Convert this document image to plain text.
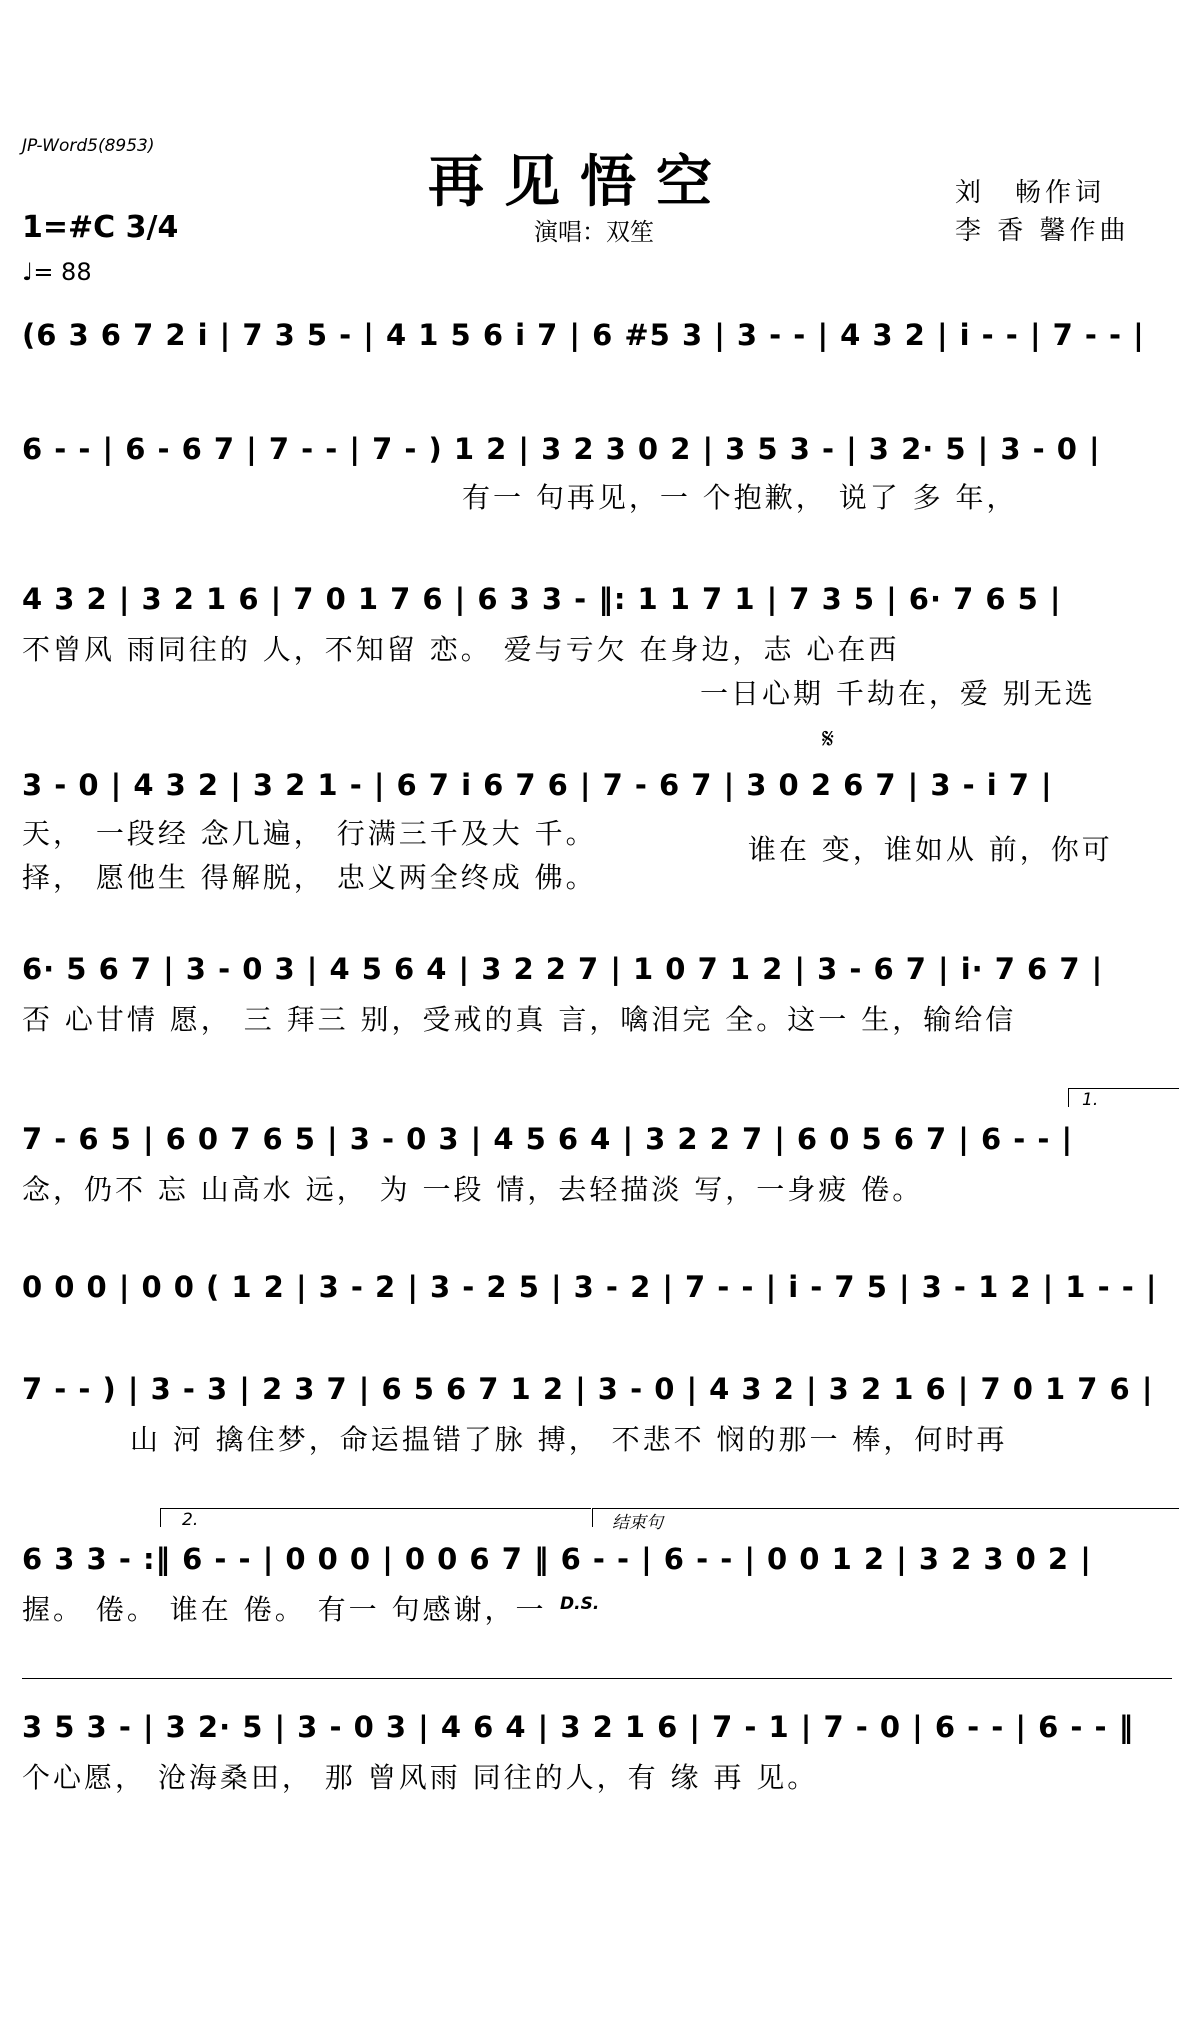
JP-Word5(8953)
再见悟空
演唱：双笙
刘　畅作词
李 香 馨作曲
1=#C 3/4
♩= 88
(6 3 6 7 2 i | 7 3 5 - | 4 1 5 6 i 7 | 6 #5 3 | 3 - - | 4 3 2 | i - - | 7 - - |
6 - - | 6 - 6 7 | 7 - - | 7 - ) 1 2 | 3 2 3 0 2 | 3 5 3 - | 3 2· 5 | 3 - 0 |
有一 句再见，一 个抱歉， 说了 多 年，
4 3 2 | 3 2 1 6 | 7 0 1 7 6 | 6 3 3 - ‖: 1 1 7 1 | 7 3 5 | 6· 7 6 5 |
不曾风 雨同往的 人，不知留 恋。 爱与亏欠 在身边，志 心在西
一日心期 千劫在，爱 别无选
𝄋
3 - 0 | 4 3 2 | 3 2 1 - | 6 7 i 6 7 6 | 7 - 6 7 | 3 0 2 6 7 | 3 - i 7 |
天， 一段经 念几遍， 行满三千及大 千。	谁在 变，谁如从 前，你可
择， 愿他生 得解脱， 忠义两全终成 佛。
6· 5 6 7 | 3 - 0 3 | 4 5 6 4 | 3 2 2 7 | 1 0 7 1 2 | 3 - 6 7 | i· 7 6 7 |
否 心甘情 愿， 三 拜三 别，受戒的真 言，噙泪完 全。这一 生，输给信
1.
7 - 6 5 | 6 0 7 6 5 | 3 - 0 3 | 4 5 6 4 | 3 2 2 7 | 6 0 5 6 7 | 6 - - |
念，仍不 忘 山高水 远， 为 一段 情，去轻描淡 写，一身疲 倦。
0 0 0 | 0 0 ( 1 2 | 3 - 2 | 3 - 2 5 | 3 - 2 | 7 - - | i - 7 5 | 3 - 1 2 | 1 - - |
7 - - ) | 3 - 3 | 2 3 7 | 6 5 6 7 1 2 | 3 - 0 | 4 3 2 | 3 2 1 6 | 7 0 1 7 6 |
山 河 擒住梦，命运揾错了脉 搏， 不悲不 悯的那一 棒，何时再
2.	结束句
6 3 3 - :‖ 6 - - | 0 0 0 | 0 0 6 7 ‖ 6 - - | 6 - - | 0 0 1 2 | 3 2 3 0 2 |
握。 倦。 谁在 倦。 有一 句感谢，一 D.S.
3 5 3 - | 3 2· 5 | 3 - 0 3 | 4 6 4 | 3 2 1 6 | 7 - 1 | 7 - 0 | 6 - - | 6 - - ‖
个心愿， 沧海桑田， 那 曾风雨 同往的人，有 缘 再 见。
